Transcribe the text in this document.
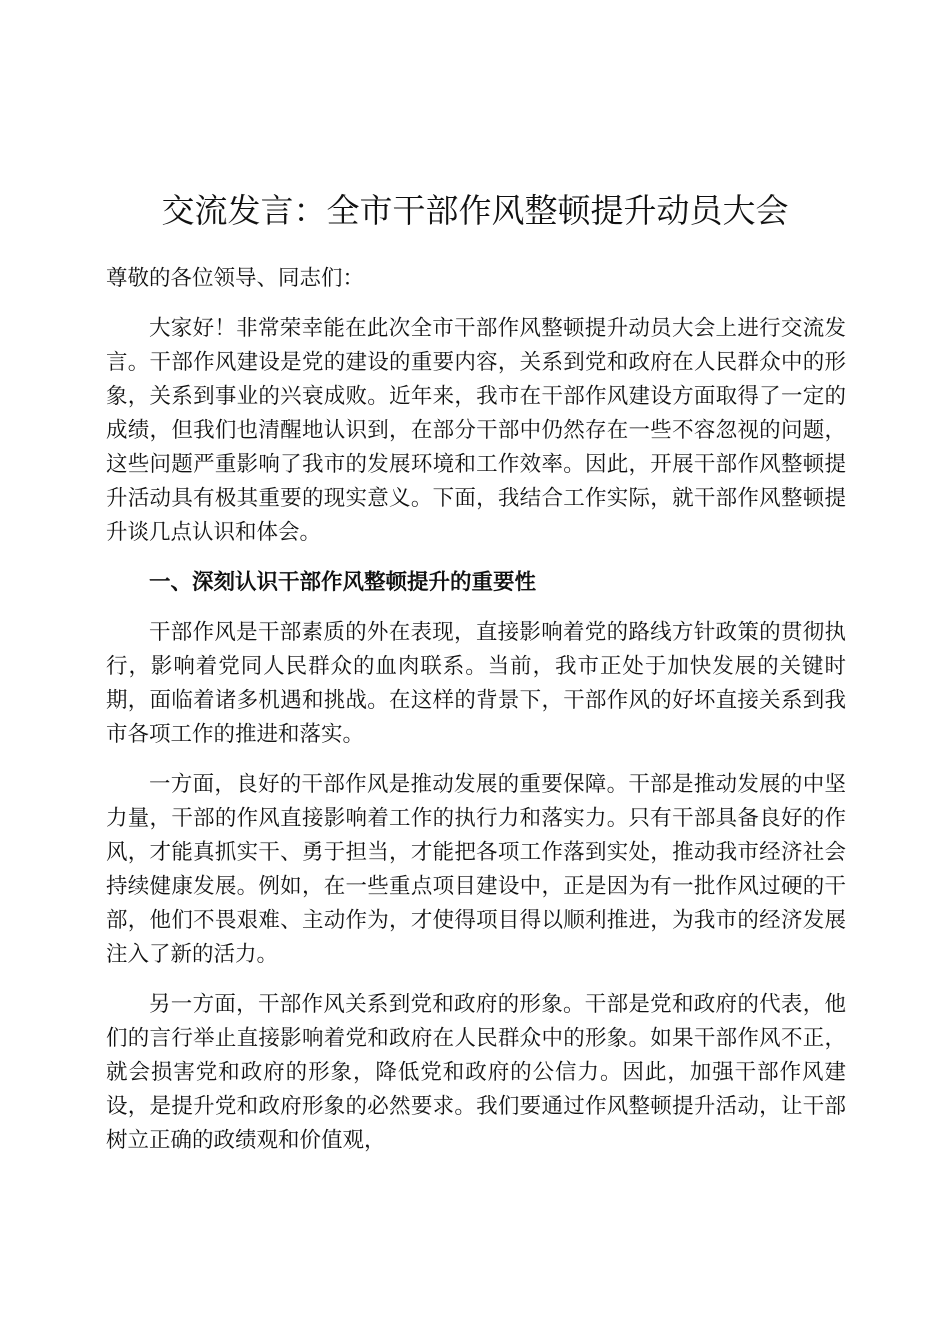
交流发言：全市干部作风整顿提升动员大会

尊敬的各位领导、同志们：

大家好！非常荣幸能在此次全市干部作风整顿提升动员大会上进行交流发言。干部作风建设是党的建设的重要内容，关系到党和政府在人民群众中的形象，关系到事业的兴衰成败。近年来，我市在干部作风建设方面取得了一定的成绩，但我们也清醒地认识到，在部分干部中仍然存在一些不容忽视的问题，这些问题严重影响了我市的发展环境和工作效率。因此，开展干部作风整顿提升活动具有极其重要的现实意义。下面，我结合工作实际，就干部作风整顿提升谈几点认识和体会。

一、深刻认识干部作风整顿提升的重要性

干部作风是干部素质的外在表现，直接影响着党的路线方针政策的贯彻执行，影响着党同人民群众的血肉联系。当前，我市正处于加快发展的关键时期，面临着诸多机遇和挑战。在这样的背景下，干部作风的好坏直接关系到我市各项工作的推进和落实。

一方面，良好的干部作风是推动发展的重要保障。干部是推动发展的中坚力量，干部的作风直接影响着工作的执行力和落实力。只有干部具备良好的作风，才能真抓实干、勇于担当，才能把各项工作落到实处，推动我市经济社会持续健康发展。例如，在一些重点项目建设中，正是因为有一批作风过硬的干部，他们不畏艰难、主动作为，才使得项目得以顺利推进，为我市的经济发展注入了新的活力。

另一方面，干部作风关系到党和政府的形象。干部是党和政府的代表，他们的言行举止直接影响着党和政府在人民群众中的形象。如果干部作风不正，就会损害党和政府的形象，降低党和政府的公信力。因此，加强干部作风建设，是提升党和政府形象的必然要求。我们要通过作风整顿提升活动，让干部树立正确的政绩观和价值观，
